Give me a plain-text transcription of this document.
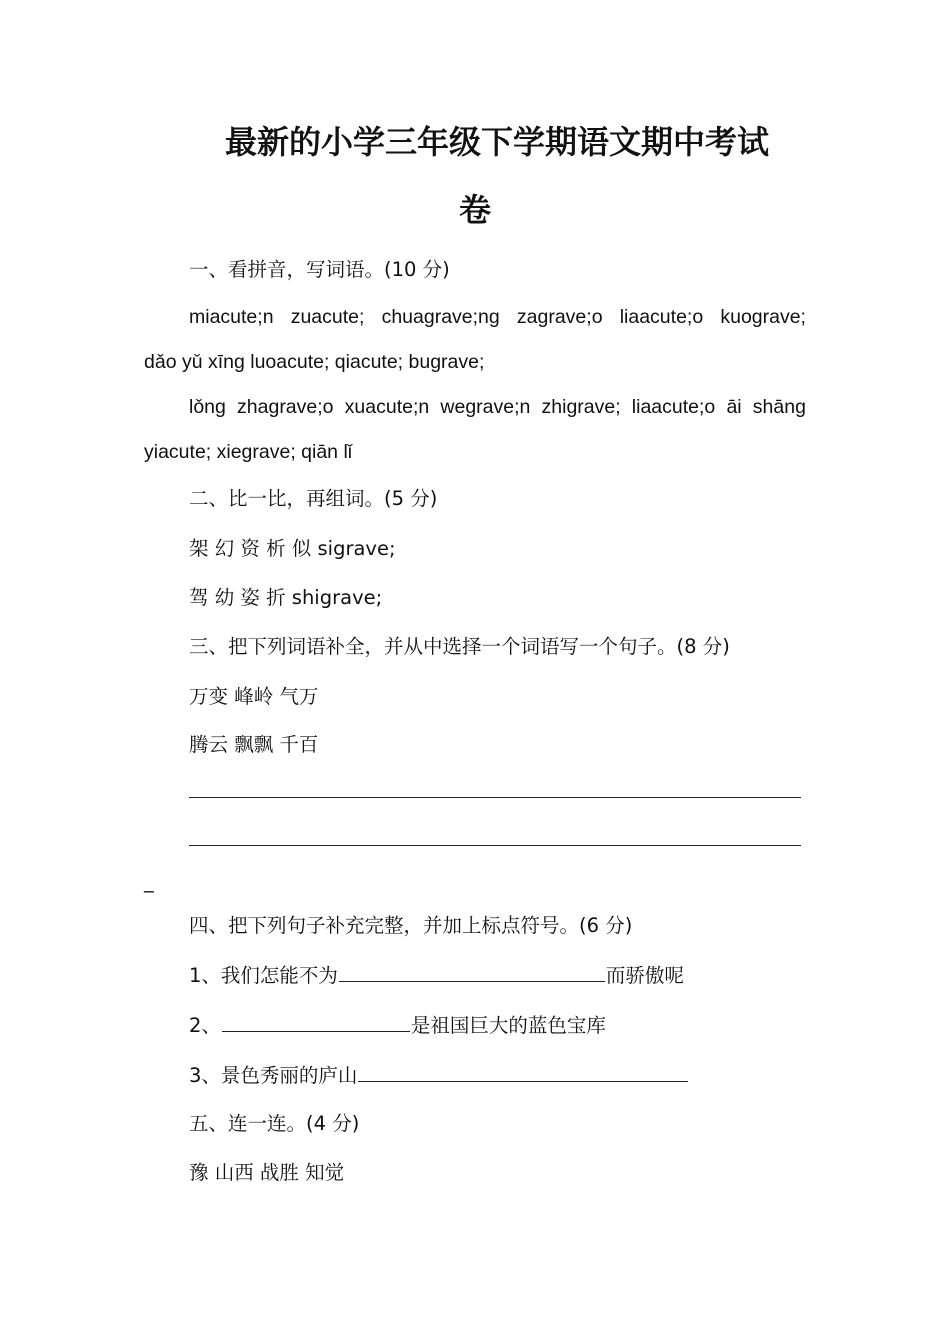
最新的小学三年级下学期语文期中考试
卷
一、看拼音，写词语。(10 分)
miacute;n zuacute; chuagrave;ng zagrave;o liaacute;o kuograve;
dǎo yǔ xīng luoacute; qiacute; bugrave;
lǒng zhagrave;o xuacute;n wegrave;n zhigrave; liaacute;o āi shāng
yiacute; xiegrave; qiān lǐ
二、比一比，再组词。(5 分)
架 幻 资 析 似 sigrave;
驾 幼 姿 折 shigrave;
三、把下列词语补全，并从中选择一个词语写一个句子。(8 分)
万变 峰岭 气万
腾云 飘飘 千百
_
四、把下列句子补充完整，并加上标点符号。(6 分)
1、我们怎能不为	而骄傲呢
2、	是祖国巨大的蓝色宝库
3、景色秀丽的庐山
五、连一连。(4 分)
豫 山西 战胜 知觉
